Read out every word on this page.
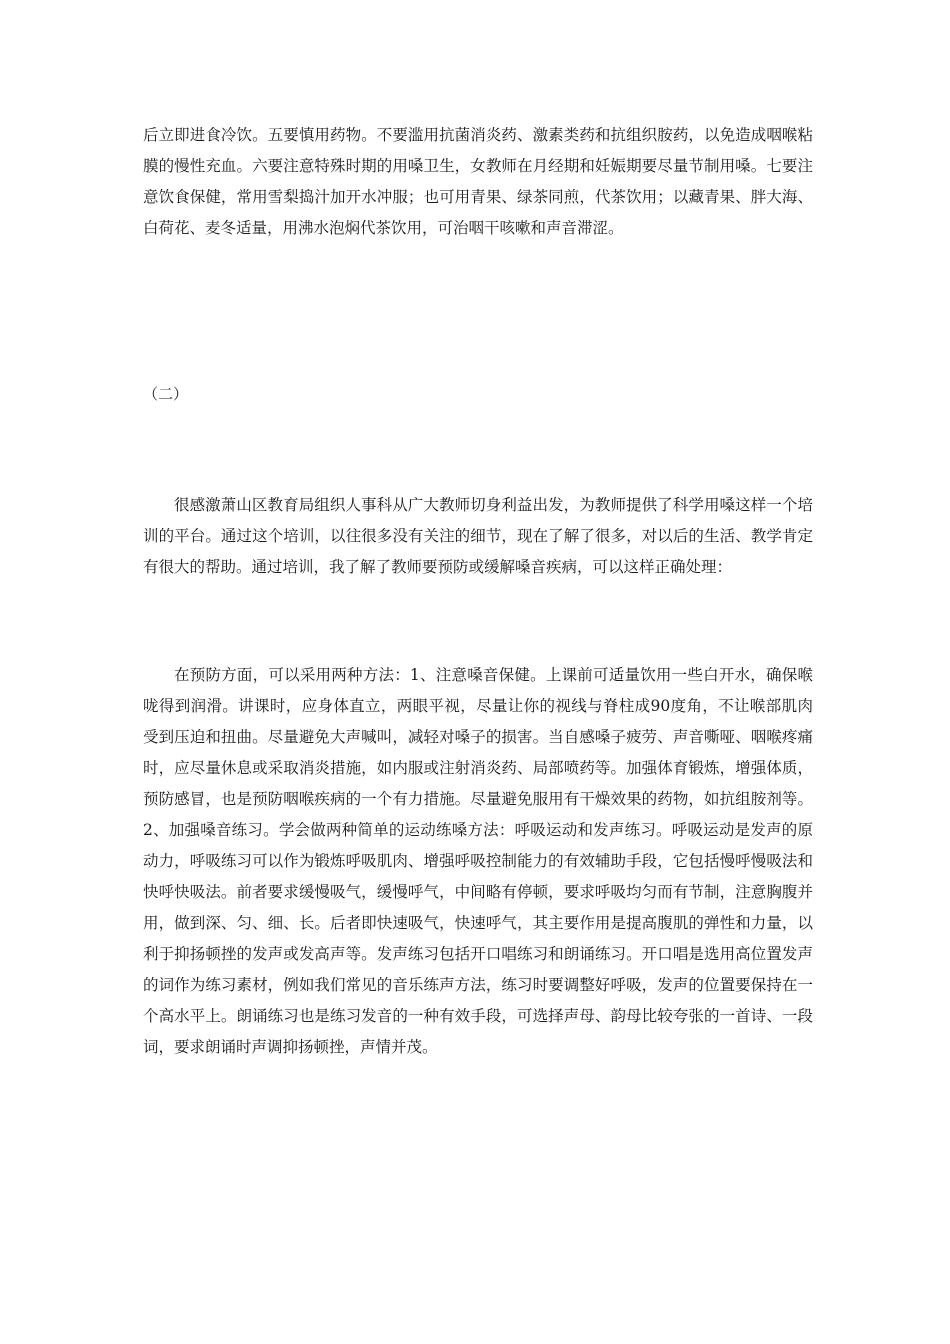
后立即进食冷饮。五要慎用药物。不要滥用抗菌消炎药、激素类药和抗组织胺药，以免造成咽喉粘膜的慢性充血。六要注意特殊时期的用嗓卫生，女教师在月经期和妊娠期要尽量节制用嗓。七要注意饮食保健，常用雪梨捣汁加开水冲服；也可用青果、绿茶同煎，代茶饮用；以藏青果、胖大海、白荷花、麦冬适量，用沸水泡焖代茶饮用，可治咽干咳嗽和声音滞涩。

（二）

很感激萧山区教育局组织人事科从广大教师切身利益出发，为教师提供了科学用嗓这样一个培训的平台。通过这个培训，以往很多没有关注的细节，现在了解了很多，对以后的生活、教学肯定有很大的帮助。通过培训，我了解了教师要预防或缓解嗓音疾病，可以这样正确处理：

在预防方面，可以采用两种方法：1、注意嗓音保健。上课前可适量饮用一些白开水，确保喉咙得到润滑。讲课时，应身体直立，两眼平视，尽量让你的视线与脊柱成90度角，不让喉部肌肉受到压迫和扭曲。尽量避免大声喊叫，减轻对嗓子的损害。当自感嗓子疲劳、声音嘶哑、咽喉疼痛时，应尽量休息或采取消炎措施，如内服或注射消炎药、局部喷药等。加强体育锻炼，增强体质，预防感冒，也是预防咽喉疾病的一个有力措施。尽量避免服用有干燥效果的药物，如抗组胺剂等。2、加强嗓音练习。学会做两种简单的运动练嗓方法：呼吸运动和发声练习。呼吸运动是发声的原动力，呼吸练习可以作为锻炼呼吸肌肉、增强呼吸控制能力的有效辅助手段，它包括慢呼慢吸法和快呼快吸法。前者要求缓慢吸气，缓慢呼气，中间略有停顿，要求呼吸均匀而有节制，注意胸腹并用，做到深、匀、细、长。后者即快速吸气，快速呼气，其主要作用是提高腹肌的弹性和力量，以利于抑扬顿挫的发声或发高声等。发声练习包括开口唱练习和朗诵练习。开口唱是选用高位置发声的词作为练习素材，例如我们常见的音乐练声方法，练习时要调整好呼吸，发声的位置要保持在一个高水平上。朗诵练习也是练习发音的一种有效手段，可选择声母、韵母比较夸张的一首诗、一段词，要求朗诵时声调抑扬顿挫，声情并茂。
